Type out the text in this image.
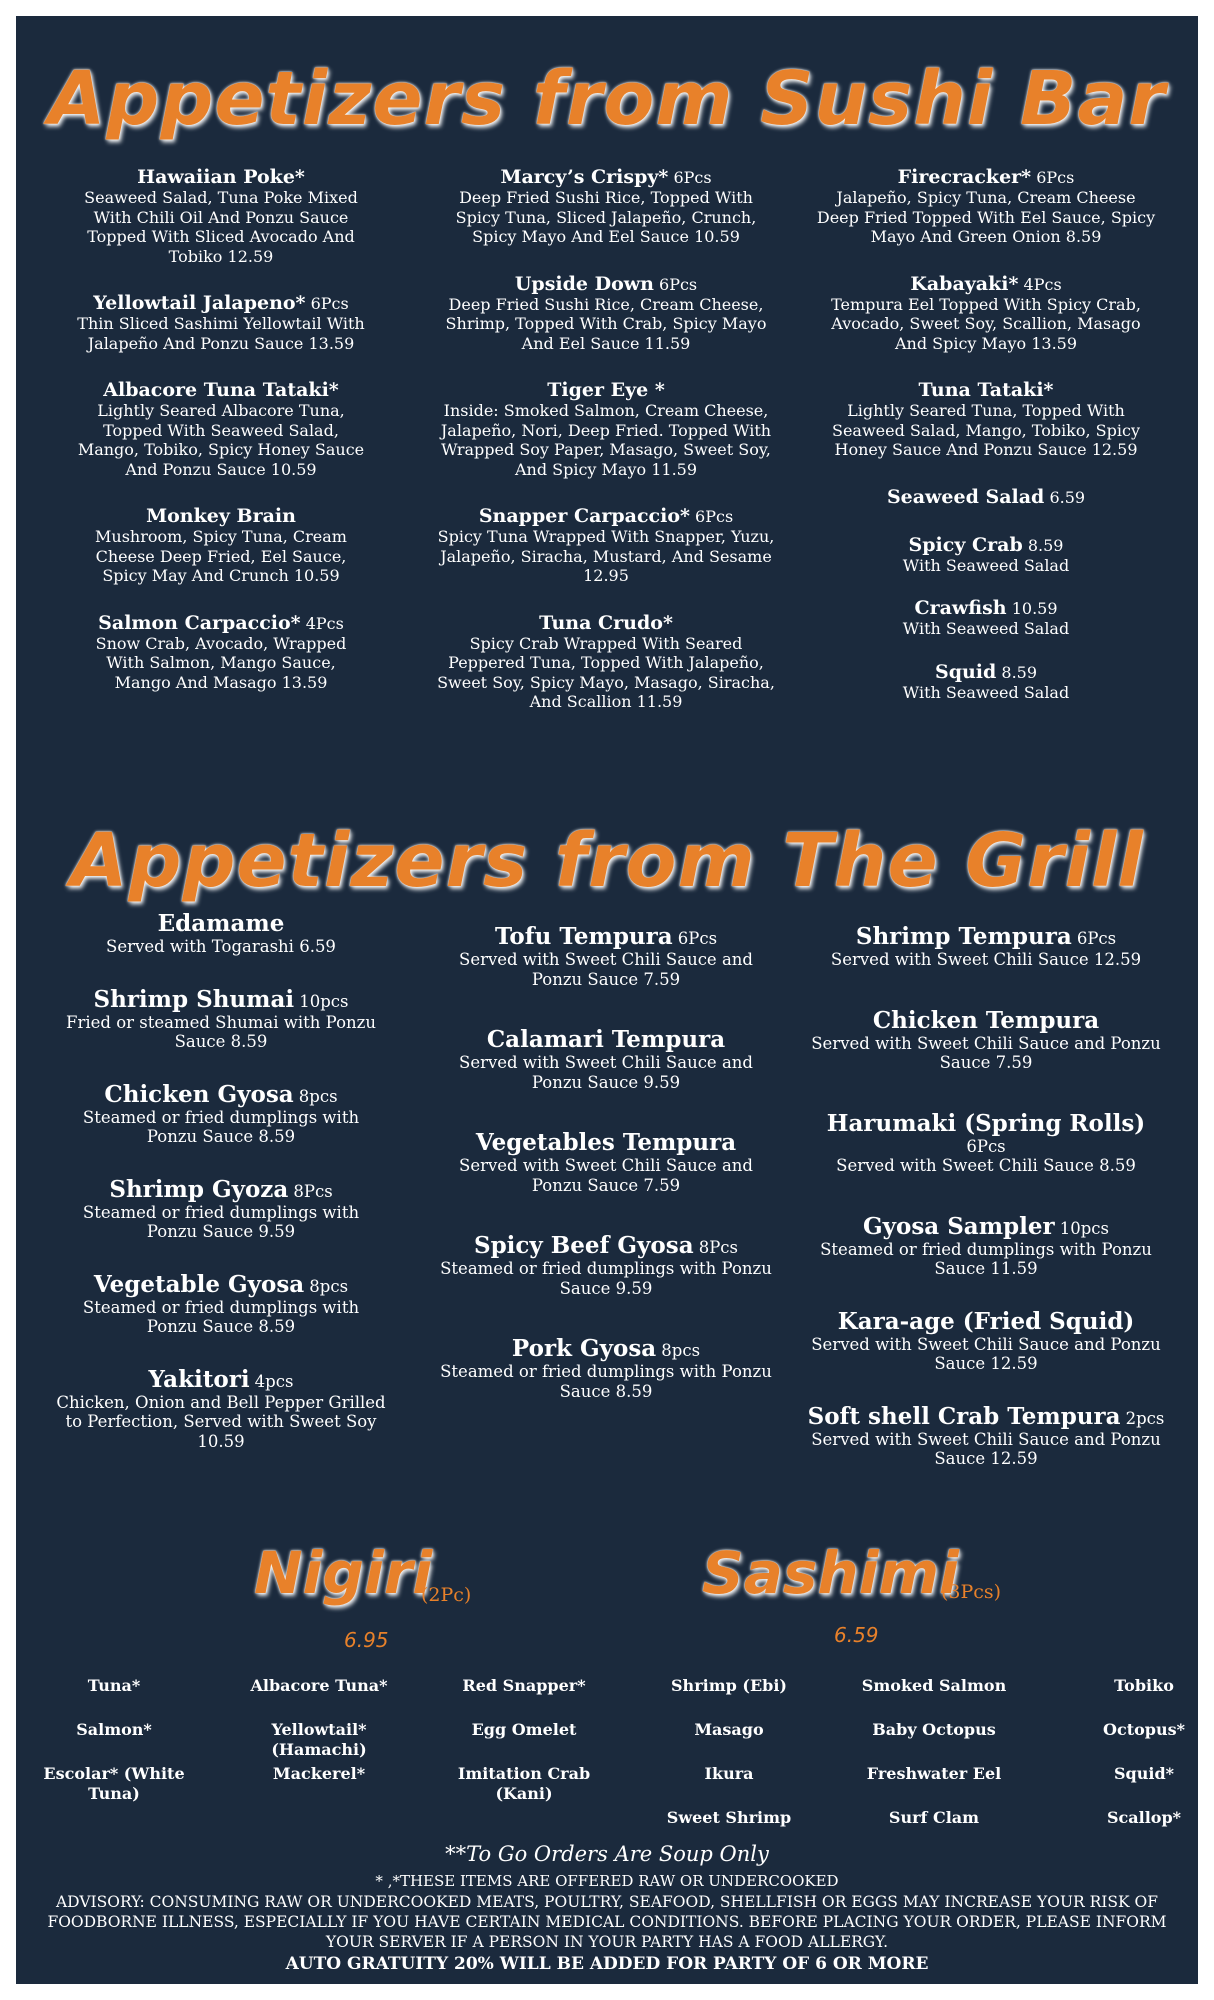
Appetizers from Sushi Bar
Hawaiian Poke*
Seaweed Salad, Tuna Poke Mixed With Chili Oil And Ponzu Sauce Topped With Sliced Avocado And Tobiko 12.59
Yellowtail Jalapeno* 6Pcs
Thin Sliced Sashimi Yellowtail With Jalapeño And Ponzu Sauce 13.59
Albacore Tuna Tataki*
Lightly Seared Albacore Tuna, Topped With Seaweed Salad, Mango, Tobiko, Spicy Honey Sauce And Ponzu Sauce 10.59
Monkey Brain
Mushroom, Spicy Tuna, Cream Cheese Deep Fried, Eel Sauce, Spicy May And Crunch 10.59
Salmon Carpaccio* 4Pcs
Snow Crab, Avocado, Wrapped With Salmon, Mango Sauce, Mango And Masago 13.59
Marcy’s Crispy* 6Pcs
Deep Fried Sushi Rice, Topped With Spicy Tuna, Sliced Jalapeño, Crunch, Spicy Mayo And Eel Sauce 10.59
Upside Down 6Pcs
Deep Fried Sushi Rice, Cream Cheese, Shrimp, Topped With Crab, Spicy Mayo And Eel Sauce 11.59
Tiger Eye *
Inside: Smoked Salmon, Cream Cheese, Jalapeño, Nori, Deep Fried. Topped With Wrapped Soy Paper, Masago, Sweet Soy, And Spicy Mayo 11.59
Snapper Carpaccio* 6Pcs
Spicy Tuna Wrapped With Snapper, Yuzu, Jalapeño, Siracha, Mustard, And Sesame 12.95
Tuna Crudo*
Spicy Crab Wrapped With Seared Peppered Tuna, Topped With Jalapeño, Sweet Soy, Spicy Mayo, Masago, Siracha, And Scallion 11.59
Firecracker* 6Pcs
Jalapeño, Spicy Tuna, Cream Cheese Deep Fried Topped With Eel Sauce, Spicy Mayo And Green Onion 8.59
Kabayaki* 4Pcs
Tempura Eel Topped With Spicy Crab, Avocado, Sweet Soy, Scallion, Masago And Spicy Mayo 13.59
Tuna Tataki*
Lightly Seared Tuna, Topped With Seaweed Salad, Mango, Tobiko, Spicy Honey Sauce And Ponzu Sauce 12.59
Seaweed Salad 6.59
Spicy Crab 8.59
With Seaweed Salad
Crawfish 10.59
With Seaweed Salad
Squid 8.59
With Seaweed Salad
Appetizers from The Grill
Edamame
Served with Togarashi 6.59
Shrimp Shumai 10pcs
Fried or steamed Shumai with Ponzu Sauce 8.59
Chicken Gyosa 8pcs
Steamed or fried dumplings with Ponzu Sauce 8.59
Shrimp Gyoza 8Pcs
Steamed or fried dumplings with Ponzu Sauce 9.59
Vegetable Gyosa 8pcs
Steamed or fried dumplings with Ponzu Sauce 8.59
Yakitori 4pcs
Chicken, Onion and Bell Pepper Grilled to Perfection, Served with Sweet Soy 10.59
Tofu Tempura 6Pcs
Served with Sweet Chili Sauce and Ponzu Sauce 7.59
Calamari Tempura
Served with Sweet Chili Sauce and Ponzu Sauce 9.59
Vegetables Tempura
Served with Sweet Chili Sauce and Ponzu Sauce 7.59
Spicy Beef Gyosa 8Pcs
Steamed or fried dumplings with Ponzu Sauce 9.59
Pork Gyosa 8pcs
Steamed or fried dumplings with Ponzu Sauce 8.59
Shrimp Tempura 6Pcs
Served with Sweet Chili Sauce 12.59
Chicken Tempura
Served with Sweet Chili Sauce and Ponzu Sauce 7.59
Harumaki (Spring Rolls) 6Pcs
Served with Sweet Chili Sauce 8.59
Gyosa Sampler 10pcs
Steamed or fried dumplings with Ponzu Sauce 11.59
Kara-age (Fried Squid)
Served with Sweet Chili Sauce and Ponzu Sauce 12.59
Soft shell Crab Tempura 2pcs
Served with Sweet Chili Sauce and Ponzu Sauce 12.59
Nigiri
(2Pc)
6.95
Sashimi
(3Pcs)
6.59
Tuna*	Albacore Tuna*	Red Snapper*	Shrimp (Ebi)	Smoked Salmon	Tobiko
Salmon*	Yellowtail* (Hamachi)
Egg Omelet	Masago	Baby Octopus	Octopus*
Escolar* (White Tuna)
Mackerel*	Imitation Crab (Kani)
Ikura	Freshwater Eel	Squid*
Sweet Shrimp	Surf Clam	Scallop*
**To Go Orders Are Soup Only
* ,*THESE ITEMS ARE OFFERED RAW OR UNDERCOOKED
ADVISORY: CONSUMING RAW OR UNDERCOOKED MEATS, POULTRY, SEAFOOD, SHELLFISH OR EGGS MAY INCREASE YOUR RISK OF FOODBORNE ILLNESS, ESPECIALLY IF YOU HAVE CERTAIN MEDICAL CONDITIONS. BEFORE PLACING YOUR ORDER, PLEASE INFORM YOUR SERVER IF A PERSON IN YOUR PARTY HAS A FOOD ALLERGY.
AUTO GRATUITY 20% WILL BE ADDED FOR PARTY OF 6 OR MORE
